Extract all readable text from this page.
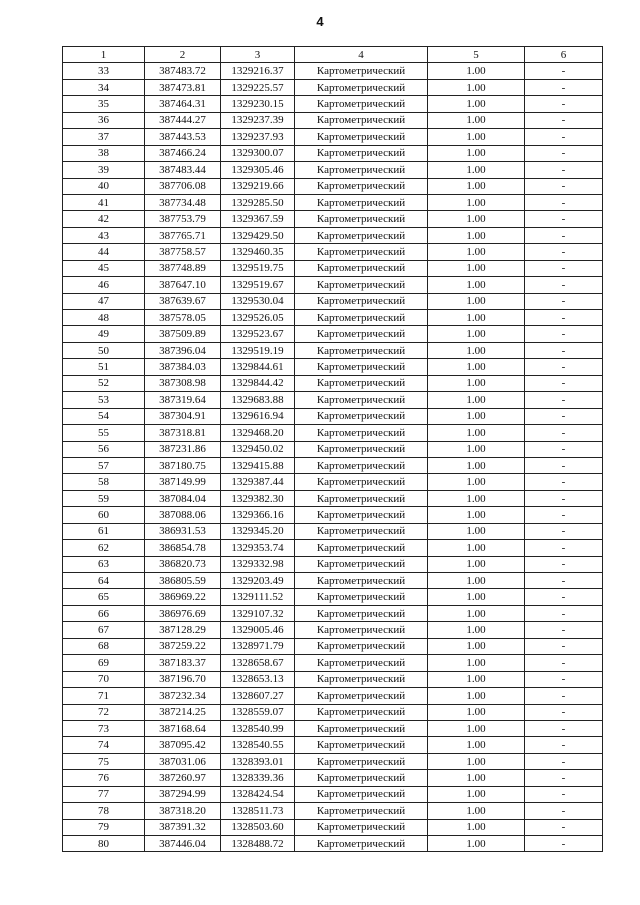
4
1	2	3	4	5	6
33	387483.72	1329216.37	Картометрический	1.00	-
34	387473.81	1329225.57	Картометрический	1.00	-
35	387464.31	1329230.15	Картометрический	1.00	-
36	387444.27	1329237.39	Картометрический	1.00	-
37	387443.53	1329237.93	Картометрический	1.00	-
38	387466.24	1329300.07	Картометрический	1.00	-
39	387483.44	1329305.46	Картометрический	1.00	-
40	387706.08	1329219.66	Картометрический	1.00	-
41	387734.48	1329285.50	Картометрический	1.00	-
42	387753.79	1329367.59	Картометрический	1.00	-
43	387765.71	1329429.50	Картометрический	1.00	-
44	387758.57	1329460.35	Картометрический	1.00	-
45	387748.89	1329519.75	Картометрический	1.00	-
46	387647.10	1329519.67	Картометрический	1.00	-
47	387639.67	1329530.04	Картометрический	1.00	-
48	387578.05	1329526.05	Картометрический	1.00	-
49	387509.89	1329523.67	Картометрический	1.00	-
50	387396.04	1329519.19	Картометрический	1.00	-
51	387384.03	1329844.61	Картометрический	1.00	-
52	387308.98	1329844.42	Картометрический	1.00	-
53	387319.64	1329683.88	Картометрический	1.00	-
54	387304.91	1329616.94	Картометрический	1.00	-
55	387318.81	1329468.20	Картометрический	1.00	-
56	387231.86	1329450.02	Картометрический	1.00	-
57	387180.75	1329415.88	Картометрический	1.00	-
58	387149.99	1329387.44	Картометрический	1.00	-
59	387084.04	1329382.30	Картометрический	1.00	-
60	387088.06	1329366.16	Картометрический	1.00	-
61	386931.53	1329345.20	Картометрический	1.00	-
62	386854.78	1329353.74	Картометрический	1.00	-
63	386820.73	1329332.98	Картометрический	1.00	-
64	386805.59	1329203.49	Картометрический	1.00	-
65	386969.22	1329111.52	Картометрический	1.00	-
66	386976.69	1329107.32	Картометрический	1.00	-
67	387128.29	1329005.46	Картометрический	1.00	-
68	387259.22	1328971.79	Картометрический	1.00	-
69	387183.37	1328658.67	Картометрический	1.00	-
70	387196.70	1328653.13	Картометрический	1.00	-
71	387232.34	1328607.27	Картометрический	1.00	-
72	387214.25	1328559.07	Картометрический	1.00	-
73	387168.64	1328540.99	Картометрический	1.00	-
74	387095.42	1328540.55	Картометрический	1.00	-
75	387031.06	1328393.01	Картометрический	1.00	-
76	387260.97	1328339.36	Картометрический	1.00	-
77	387294.99	1328424.54	Картометрический	1.00	-
78	387318.20	1328511.73	Картометрический	1.00	-
79	387391.32	1328503.60	Картометрический	1.00	-
80	387446.04	1328488.72	Картометрический	1.00	-
